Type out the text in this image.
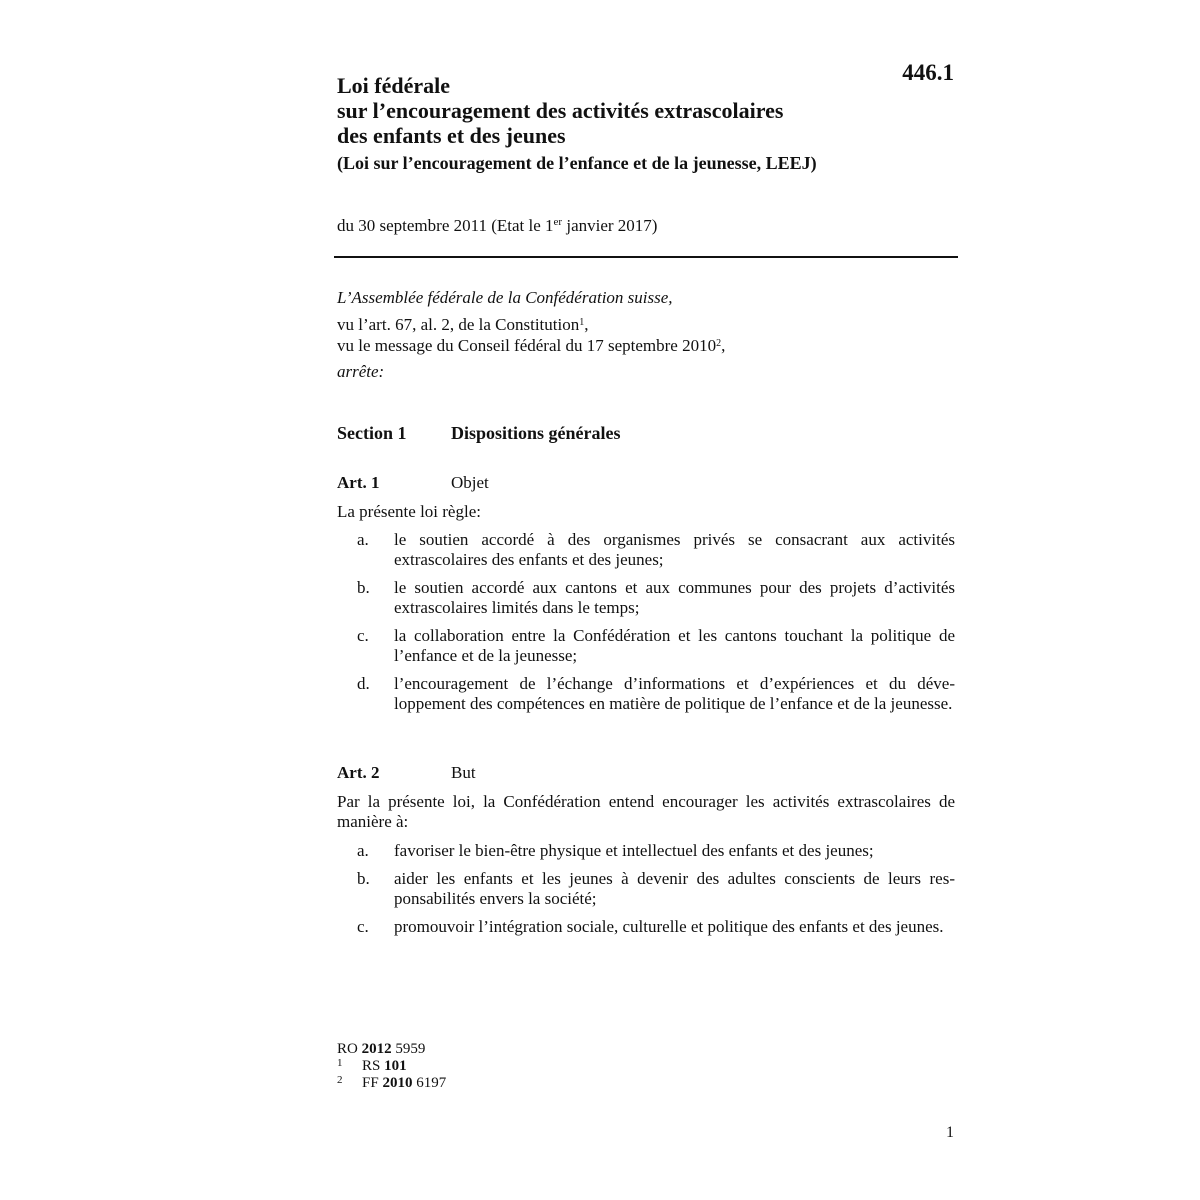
446.1
Loi fédérale
sur l’encouragement des activités extrascolaires
des enfants et des jeunes
(Loi sur l’encouragement de l’enfance et de la jeunesse, LEEJ)
du 30 septembre 2011 (Etat le 1er janvier 2017)
L’Assemblée fédérale de la Confédération suisse,
vu l’art. 67, al. 2, de la Constitution$^1$,
vu le message du Conseil fédéral du 17 septembre 2010$^2$,
arrête:
Section 1 Dispositions générales
Art. 1	Objet
La présente loi règle:
a. le soutien accordé à des organismes privés se consacrant aux activités extrascolaires des enfants et des jeunes;
b. le soutien accordé aux cantons et aux communes pour des projets d’activités extrascolaires limités dans le temps;
c. la collaboration entre la Confédération et les cantons touchant la politique de l’enfance et de la jeunesse;
d. l’encouragement de l’échange d’informations et d’expériences et du développement des compétences en matière de politique de l’enfance et de la jeunesse.
Art. 2	But
Par la présente loi, la Confédération entend encourager les activités extrascolaires de manière à:
a. favoriser le bien-être physique et intellectuel des enfants et des jeunes;
b. aider les enfants et les jeunes à devenir des adultes conscients de leurs responsabilités envers la société;
c. promouvoir l’intégration sociale, culturelle et politique des enfants et des jeunes.
RO 2012 5959
1 RS 101
2 FF 2010 6197
1
